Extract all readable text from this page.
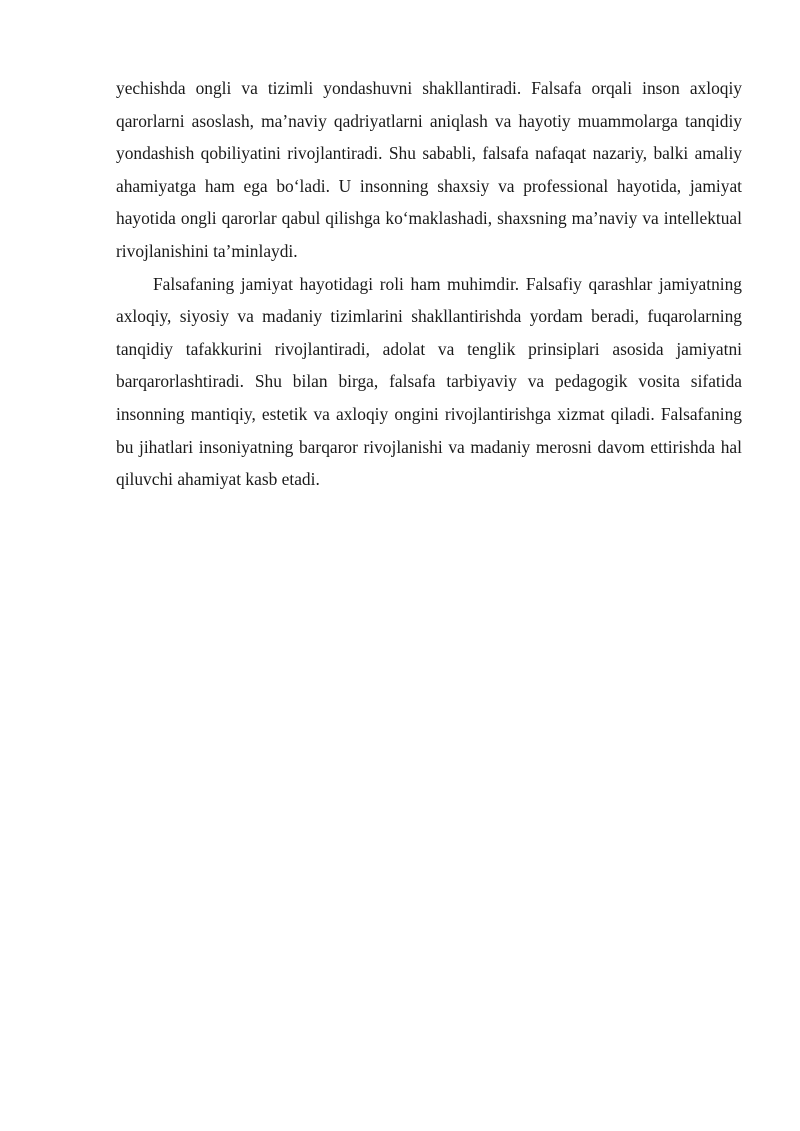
yechishda ongli va tizimli yondashuvni shakllantiradi. Falsafa orqali inson axloqiy qarorlarni asoslash, ma’naviy qadriyatlarni aniqlash va hayotiy muammolarga tanqidiy yondashish qobiliyatini rivojlantiradi. Shu sababli, falsafa nafaqat nazariy, balki amaliy ahamiyatga ham ega bo‘ladi. U insonning shaxsiy va professional hayotida, jamiyat hayotida ongli qarorlar qabul qilishga ko‘maklashadi, shaxsning ma’naviy va intellektual rivojlanishini ta’minlaydi.

Falsafaning jamiyat hayotidagi roli ham muhimdir. Falsafiy qarashlar jamiyatning axloqiy, siyosiy va madaniy tizimlarini shakllantirishda yordam beradi, fuqarolarning tanqidiy tafakkurini rivojlantiradi, adolat va tenglik prinsiplari asosida jamiyatni barqarorlashtiradi. Shu bilan birga, falsafa tarbiyaviy va pedagogik vosita sifatida insonning mantiqiy, estetik va axloqiy ongini rivojlantirishga xizmat qiladi. Falsafaning bu jihatlari insoniyatning barqaror rivojlanishi va madaniy merosni davom ettirishda hal qiluvchi ahamiyat kasb etadi.
